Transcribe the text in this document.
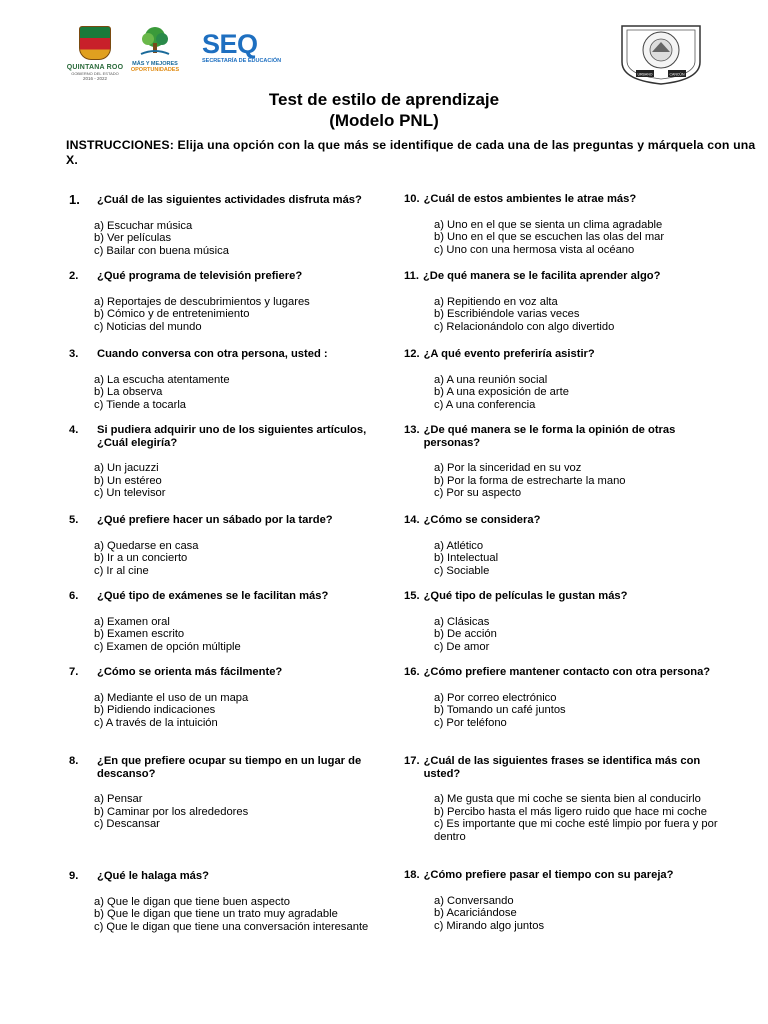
QUINTANA ROO
GOBIERNO DEL ESTADO
2016 - 2022
MÁS Y MEJORES
OPORTUNIDADES
SEQ
SECRETARÍA DE EDUCACIÓN
URBANO	CANCÚN
Test de estilo de aprendizaje
(Modelo PNL)
INSTRUCCIONES: Elija una opción con la que más se identifique de cada una de las preguntas y márquela con una X.
1.	¿Cuál de las siguientes actividades disfruta más?
a) Escuchar música
b) Ver películas
c) Bailar con buena música
2.	¿Qué programa de televisión prefiere?
a) Reportajes de descubrimientos y lugares
b) Cómico y de entretenimiento
c) Noticias del mundo
3.	Cuando conversa con otra persona, usted :
a) La escucha atentamente
b) La observa
c) Tiende a tocarla
4.	Si pudiera adquirir uno de los siguientes artículos, ¿Cuál elegiría?
a) Un jacuzzi
b) Un estéreo
c) Un televisor
5.	¿Qué prefiere hacer un sábado por la tarde?
a) Quedarse en casa
b) Ir a un concierto
c) Ir al cine
6.	¿Qué tipo de exámenes se le facilitan más?
a) Examen oral
b) Examen escrito
c) Examen de opción múltiple
7.	¿Cómo se orienta más fácilmente?
a) Mediante el uso de un mapa
b) Pidiendo indicaciones
c) A través de la intuición
8.	¿En que prefiere ocupar su tiempo en un lugar de descanso?
a) Pensar
b) Caminar por los alrededores
c) Descansar
9.	¿Qué le halaga más?
a) Que le digan que tiene buen aspecto
b) Que le digan que tiene un trato muy agradable
c) Que le digan que tiene una conversación interesante
10. ¿Cuál de estos ambientes le atrae más?
a) Uno en el que se sienta un clima agradable
b) Uno en el que se escuchen las olas del mar
c) Uno con una hermosa vista al océano
11. ¿De qué manera se le facilita aprender algo?
a) Repitiendo en voz alta
b) Escribiéndole varias veces
c) Relacionándolo con algo divertido
12. ¿A qué evento preferiría asistir?
a) A una reunión social
b) A una exposición de arte
c) A una conferencia
13. ¿De qué manera se le forma la opinión de otras personas?
a) Por la sinceridad en su voz
b) Por la forma de estrecharte la mano
c) Por su aspecto
14. ¿Cómo se considera?
a) Atlético
b) Intelectual
c) Sociable
15. ¿Qué tipo de películas le gustan más?
a) Clásicas
b) De acción
c) De amor
16. ¿Cómo prefiere mantener contacto con otra persona?
a) Por correo electrónico
b) Tomando un café juntos
c) Por teléfono
17. ¿Cuál de las siguientes frases se identifica más con usted?
a) Me gusta que mi coche se sienta bien al conducirlo
b) Percibo hasta el más ligero ruido que hace mi coche
c) Es importante que mi coche esté limpio por fuera y por dentro
18. ¿Cómo prefiere pasar el tiempo con su pareja?
a) Conversando
b) Acariciándose
c) Mirando algo juntos
